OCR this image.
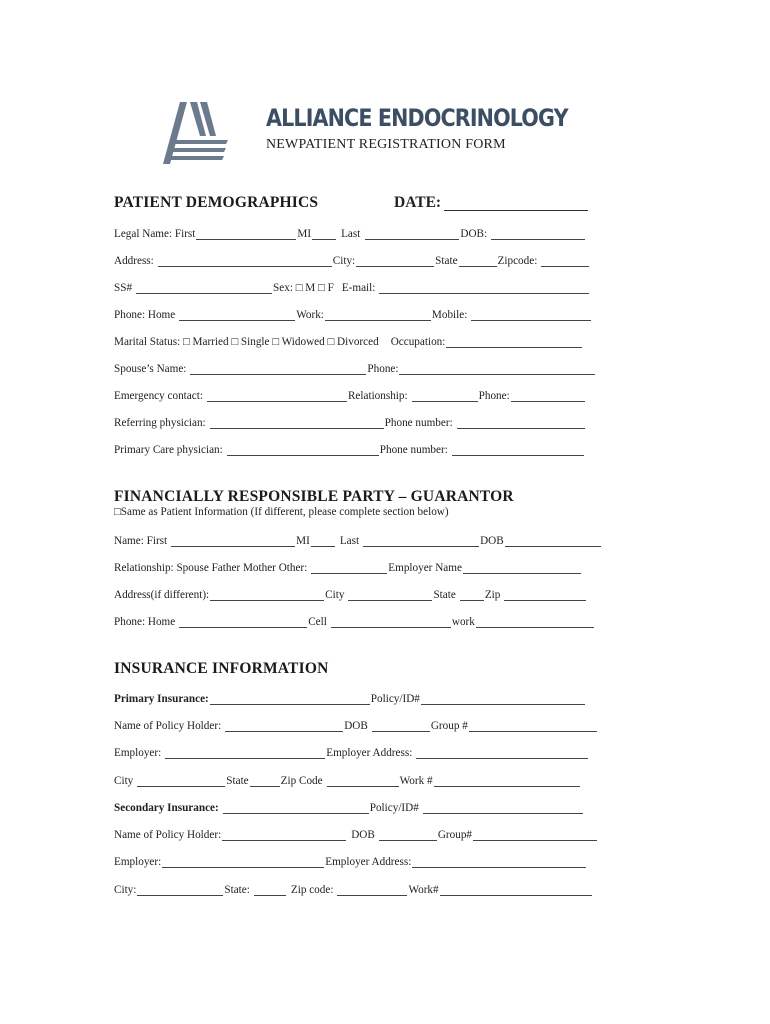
ALLIANCE ENDOCRINOLOGY
NEWPATIENT REGISTRATION FORM
PATIENT DEMOGRAPHICS	DATE:
Legal Name: First	MI	Last	DOB:
Address:	City:	State	Zipcode:
SS#	Sex: □ M □ F E-mail:
Phone: Home	Work:	Mobile:
Marital Status: □ Married □ Single □ Widowed □ Divorced Occupation:
Spouse’s Name:	Phone:
Emergency contact:	Relationship:	Phone:
Referring physician:	Phone number:
Primary Care physician:	Phone number:
FINANCIALLY RESPONSIBLE PARTY – GUARANTOR
□Same as Patient Information (If different, please complete section below)
Name: First	MI	Last	DOB
Relationship: Spouse Father Mother Other:	Employer Name
Address(if different):	City	State	Zip
Phone: Home	Cell	work
INSURANCE INFORMATION
Primary Insurance:	Policy/ID#
Name of Policy Holder:	DOB	Group #
Employer:	Employer Address:
City	State	Zip Code	Work #
Secondary Insurance:	Policy/ID#
Name of Policy Holder:	DOB	Group#
Employer:	Employer Address:
City:	State:	Zip code:	Work#
